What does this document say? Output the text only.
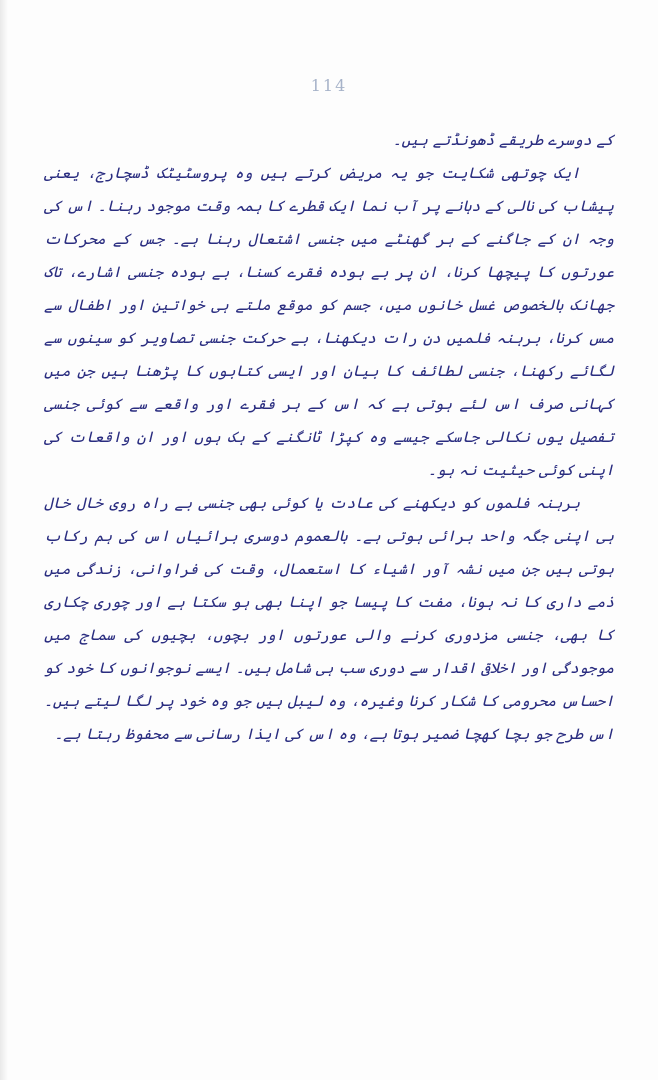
114

کے دوسرے طریقے ڈھونڈتے ہیں۔

ایک چوتھی شکایت جو یہ مریض کرتے ہیں وہ پروسٹیٹک ڈسچارج، یعنی پیشاب کی نالی کے دہانے پر آب نما ایک قطرے کا ہمہ وقت موجود رہنا۔ اس کی وجہ ان کے جاگنے کے ہر گھنٹے میں جنسی اشتعال رہنا ہے۔ جس کے محرکات عورتوں کا پیچھا کرنا، ان پر بے ہودہ فقرے کسنا، بے ہودہ جنسی اشارے، تاک جھانک بالخصوص غسل خانوں میں، جسم کو موقع ملتے ہی خواتین اور اطفال سے مس کرنا، برہنہ فلمیں دن رات دیکھنا، بے حرکت جنسی تصاویر کو سینوں سے لگائے رکھنا، جنسی لطائف کا بیان اور ایسی کتابوں کا پڑھنا ہیں جن میں کہانی صرف اس لئے ہوتی ہے کہ اس کے ہر فقرے اور واقعے سے کوئی جنسی تفصیل یوں نکالی جاسکے جیسے وہ کپڑا ٹانگنے کے ہک ہوں اور ان واقعات کی اپنی کوئی حیثیت نہ ہو۔

برہنہ فلموں کو دیکھنے کی عادت یا کوئی بھی جنسی بے راہ روی خال خال ہی اپنی جگہ واحد برائی ہوتی ہے۔ بالعموم دوسری برائیاں اس کی ہم رکاب ہوتی ہیں جن میں نشہ آور اشیاء کا استعمال، وقت کی فراوانی، زندگی میں ذمے داری کا نہ ہونا، مفت کا پیسا جو اپنا بھی ہو سکتا ہے اور چوری چکاری کا بھی، جنسی مزدوری کرنے والی عورتوں اور بچوں، بچیوں کی سماج میں موجودگی اور اخلاقی اقدار سے دوری سب ہی شامل ہیں۔ ایسے نوجوانوں کا خود کو احساس محرومی کا شکار کرنا وغیرہ، وہ لیبل ہیں جو وہ خود پر لگا لیتے ہیں۔ اس طرح جو بچا کھچا ضمیر ہوتا ہے، وہ اس کی ایذا رسانی سے محفوظ رہتا ہے۔
